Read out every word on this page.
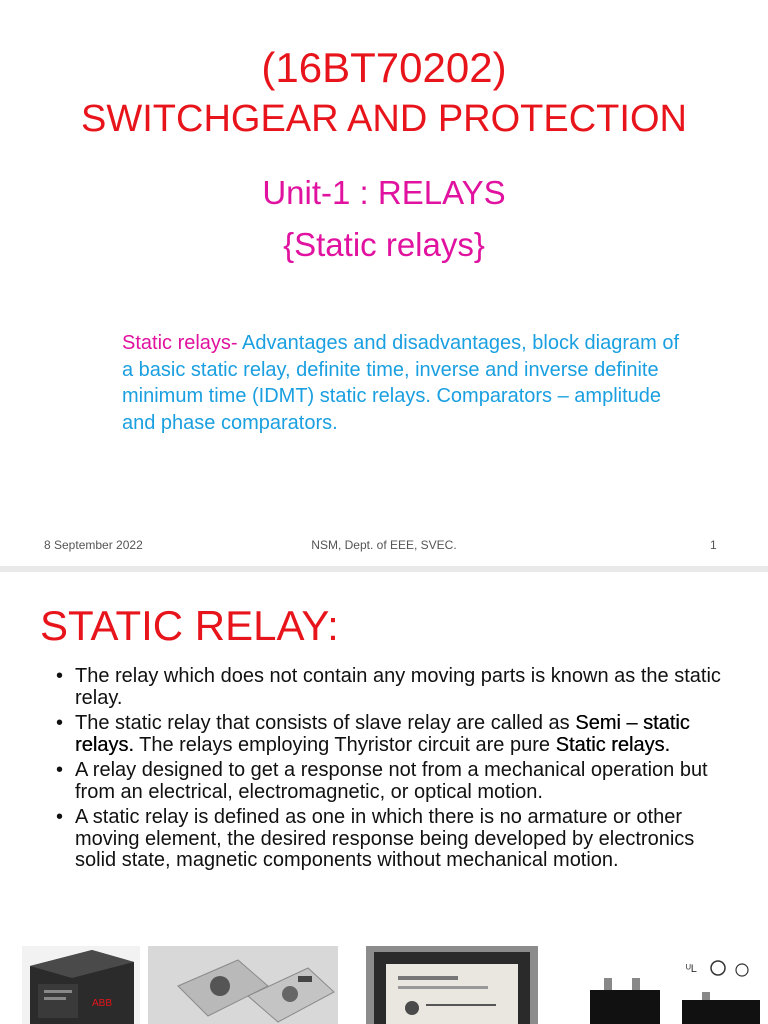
(16BT70202)
SWITCHGEAR AND PROTECTION
Unit-1 : RELAYS
{Static relays}
Static relays- Advantages and disadvantages, block diagram of a basic static relay, definite time, inverse and inverse definite minimum time (IDMT) static relays. Comparators – amplitude and phase comparators.
8 September 2022	NSM, Dept. of EEE, SVEC.	1
STATIC RELAY:
• The relay which does not contain any moving parts is known as the static relay.
• The static relay that consists of slave relay are called as Semi – static relays. The relays employing Thyristor circuit are pure Static relays.
• A relay designed to get a response not from a mechanical operation but from an electrical, electromagnetic, or optical motion.
• A static relay is defined as one in which there is no armature or other moving element, the desired response being developed by electronics solid state, magnetic components without mechanical motion.
ABB
ᵁL
